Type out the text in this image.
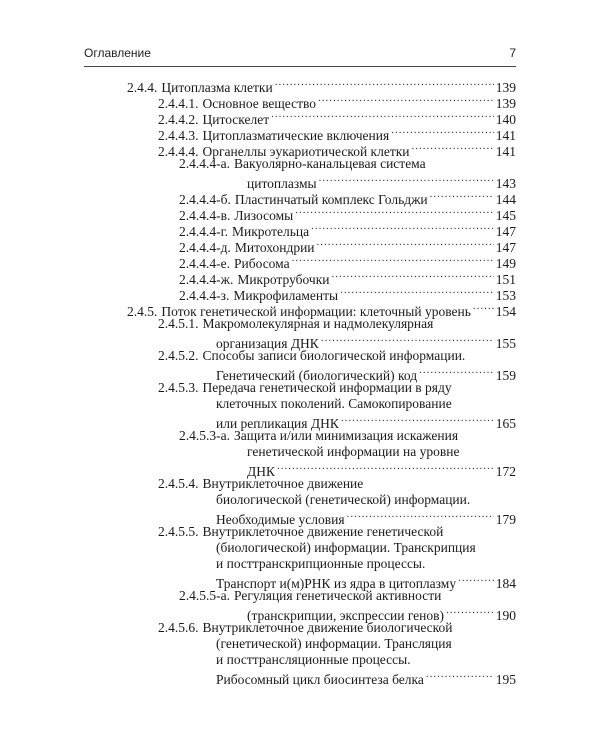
Оглавление	7
2.4.4. Цитоплазма клетки .....	139
2.4.4.1. Основное вещество .....	139
2.4.4.2. Цитоскелет .....	140
2.4.4.3. Цитоплазматические включения .....	141
2.4.4.4. Органеллы эукариотической клетки .....	141
2.4.4.4-а. Вакуолярно-канальцевая система
цитоплазмы .....	143
2.4.4.4-б. Пластинчатый комплекс Гольджи .....	144
2.4.4.4-в. Лизосомы .....	145
2.4.4.4-г. Микротельца .....	147
2.4.4.4-д. Митохондрии .....	147
2.4.4.4-е. Рибосома .....	149
2.4.4.4-ж. Микротрубочки .....	151
2.4.4.4-з. Микрофиламенты .....	153
2.4.5. Поток генетической информации: клеточный уровень ..... 154
2.4.5.1. Макромолекулярная и надмолекулярная
организация ДНК .....	155
2.4.5.2. Способы записи биологической информации.
Генетический (биологический) код .....	159
2.4.5.3. Передача генетической информации в ряду
клеточных поколений. Самокопирование
или репликация ДНК .....	165
2.4.5.3-а. Защита и/или минимизация искажения
генетической информации на уровне
ДНК .....	172
2.4.5.4. Внутриклеточное движение
биологической (генетической) информации.
Необходимые условия .....	179
2.4.5.5. Внутриклеточное движение генетической
(биологической) информации. Транскрипция
и посттранскрипционные процессы.
Транспорт и(м)РНК из ядра в цитоплазму .....	184
2.4.5.5-а. Регуляция генетической активности
(транскрипции, экспрессии генов) .....	190
2.4.5.6. Внутриклеточное движение биологической
(генетической) информации. Трансляция
и посттрансляционные процессы.
Рибосомный цикл биосинтеза белка .....	195
